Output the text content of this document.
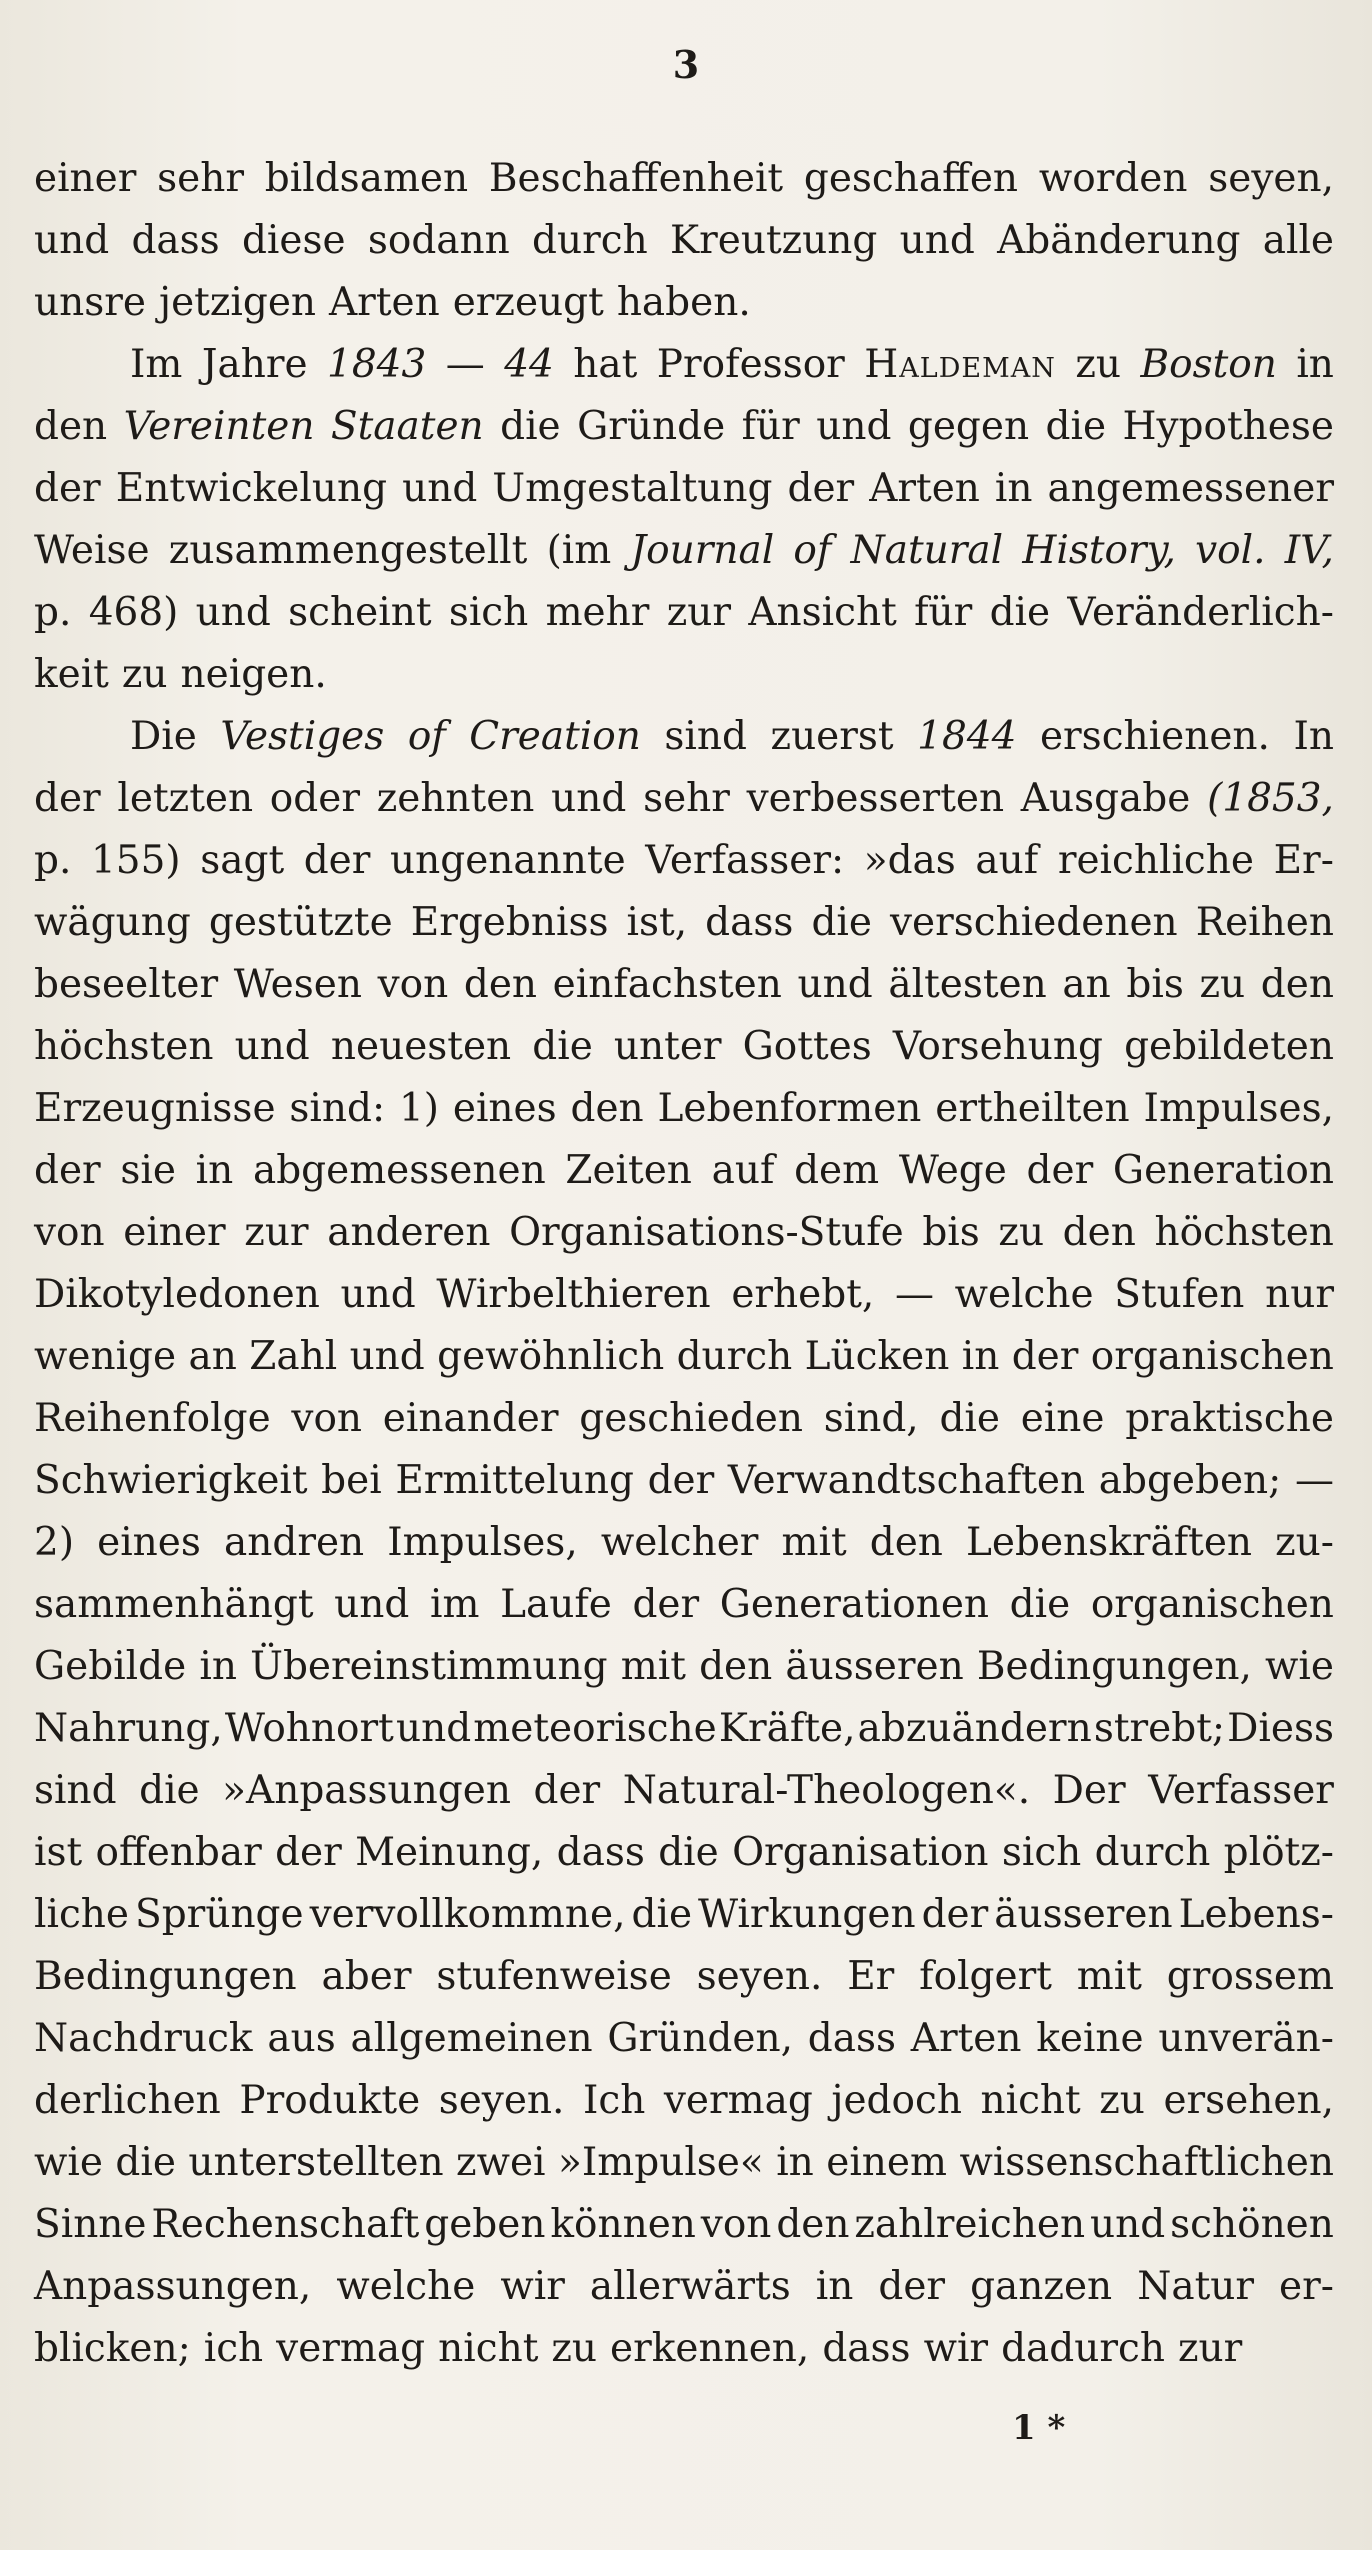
3
einer sehr bildsamen Beschaffenheit geschaffen worden seyen,
und dass diese sodann durch Kreutzung und Abänderung alle
unsre jetzigen Arten erzeugt haben.
Im Jahre 1843 — 44 hat Professor Haldeman zu Boston in
den Vereinten Staaten die Gründe für und gegen die Hypothese
der Entwickelung und Umgestaltung der Arten in angemessener
Weise zusammengestellt (im Journal of Natural History, vol. IV,
p. 468) und scheint sich mehr zur Ansicht für die Veränderlich-
keit zu neigen.
Die Vestiges of Creation sind zuerst 1844 erschienen. In
der letzten oder zehnten und sehr verbesserten Ausgabe (1853,
p. 155) sagt der ungenannte Verfasser: »das auf reichliche Er-
wägung gestützte Ergebniss ist, dass die verschiedenen Reihen
beseelter Wesen von den einfachsten und ältesten an bis zu den
höchsten und neuesten die unter Gottes Vorsehung gebildeten
Erzeugnisse sind: 1) eines den Lebenformen ertheilten Impulses,
der sie in abgemessenen Zeiten auf dem Wege der Generation
von einer zur anderen Organisations-Stufe bis zu den höchsten
Dikotyledonen und Wirbelthieren erhebt, — welche Stufen nur
wenige an Zahl und gewöhnlich durch Lücken in der organischen
Reihenfolge von einander geschieden sind, die eine praktische
Schwierigkeit bei Ermittelung der Verwandtschaften abgeben; —
2) eines andren Impulses, welcher mit den Lebenskräften zu-
sammenhängt und im Laufe der Generationen die organischen
Gebilde in Übereinstimmung mit den äusseren Bedingungen, wie
Nahrung, Wohnort und meteorische Kräfte, abzuändern strebt; Diess
sind die »Anpassungen der Natural-Theologen«. Der Verfasser
ist offenbar der Meinung, dass die Organisation sich durch plötz-
liche Sprünge vervollkommne, die Wirkungen der äusseren Lebens-
Bedingungen aber stufenweise seyen. Er folgert mit grossem
Nachdruck aus allgemeinen Gründen, dass Arten keine unverän-
derlichen Produkte seyen. Ich vermag jedoch nicht zu ersehen,
wie die unterstellten zwei »Impulse« in einem wissenschaftlichen
Sinne Rechenschaft geben können von den zahlreichen und schönen
Anpassungen, welche wir allerwärts in der ganzen Natur er-
blicken; ich vermag nicht zu erkennen, dass wir dadurch zur
1 *
